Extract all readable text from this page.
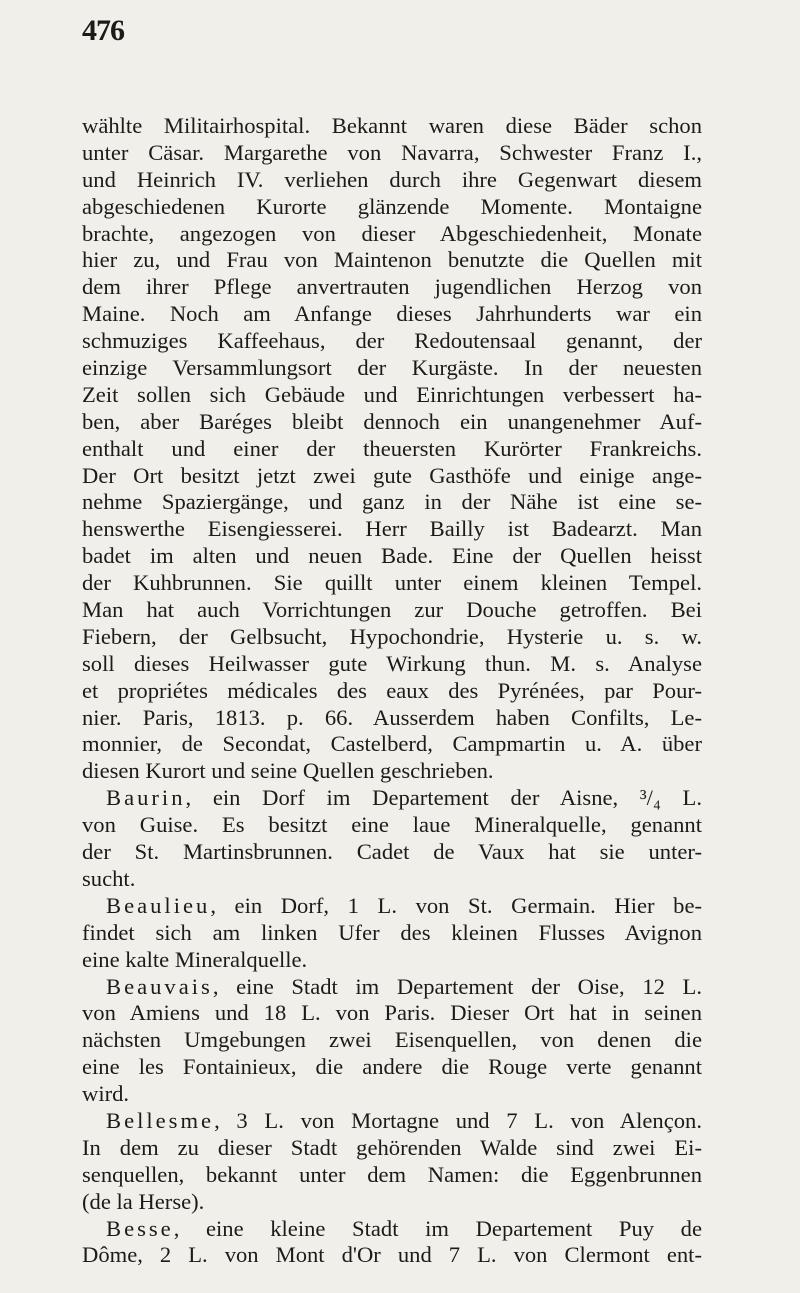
476
wählte Militairhospital. Bekannt waren diese Bäder schon
unter Cäsar. Margarethe von Navarra, Schwester Franz I.,
und Heinrich IV. verliehen durch ihre Gegenwart diesem
abgeschiedenen Kurorte glänzende Momente. Montaigne
brachte, angezogen von dieser Abgeschiedenheit, Monate
hier zu, und Frau von Maintenon benutzte die Quellen mit
dem ihrer Pflege anvertrauten jugendlichen Herzog von
Maine. Noch am Anfange dieses Jahrhunderts war ein
schmuziges Kaffeehaus, der Redoutensaal genannt, der
einzige Versammlungsort der Kurgäste. In der neuesten
Zeit sollen sich Gebäude und Einrichtungen verbessert ha-
ben, aber Baréges bleibt dennoch ein unangenehmer Auf-
enthalt und einer der theuersten Kurörter Frankreichs.
Der Ort besitzt jetzt zwei gute Gasthöfe und einige ange-
nehme Spaziergänge, und ganz in der Nähe ist eine se-
henswerthe Eisengiesserei. Herr Bailly ist Badearzt. Man
badet im alten und neuen Bade. Eine der Quellen heisst
der Kuhbrunnen. Sie quillt unter einem kleinen Tempel.
Man hat auch Vorrichtungen zur Douche getroffen. Bei
Fiebern, der Gelbsucht, Hypochondrie, Hysterie u. s. w.
soll dieses Heilwasser gute Wirkung thun. M. s. Analyse
et propriétes médicales des eaux des Pyrénées, par Pour-
nier. Paris, 1813. p. 66. Ausserdem haben Confilts, Le-
monnier, de Secondat, Castelberd, Campmartin u. A. über
diesen Kurort und seine Quellen geschrieben.
Baurin, ein Dorf im Departement der Aisne, ³/₄ L.
von Guise. Es besitzt eine laue Mineralquelle, genannt
der St. Martinsbrunnen. Cadet de Vaux hat sie unter-
sucht.
Beaulieu, ein Dorf, 1 L. von St. Germain. Hier be-
findet sich am linken Ufer des kleinen Flusses Avignon
eine kalte Mineralquelle.
Beauvais, eine Stadt im Departement der Oise, 12 L.
von Amiens und 18 L. von Paris. Dieser Ort hat in seinen
nächsten Umgebungen zwei Eisenquellen, von denen die
eine les Fontainieux, die andere die Rouge verte genannt
wird.
Bellesme, 3 L. von Mortagne und 7 L. von Alençon.
In dem zu dieser Stadt gehörenden Walde sind zwei Ei-
senquellen, bekannt unter dem Namen: die Eggenbrunnen
(de la Herse).
Besse, eine kleine Stadt im Departement Puy de
Dôme, 2 L. von Mont d'Or und 7 L. von Clermont ent-
